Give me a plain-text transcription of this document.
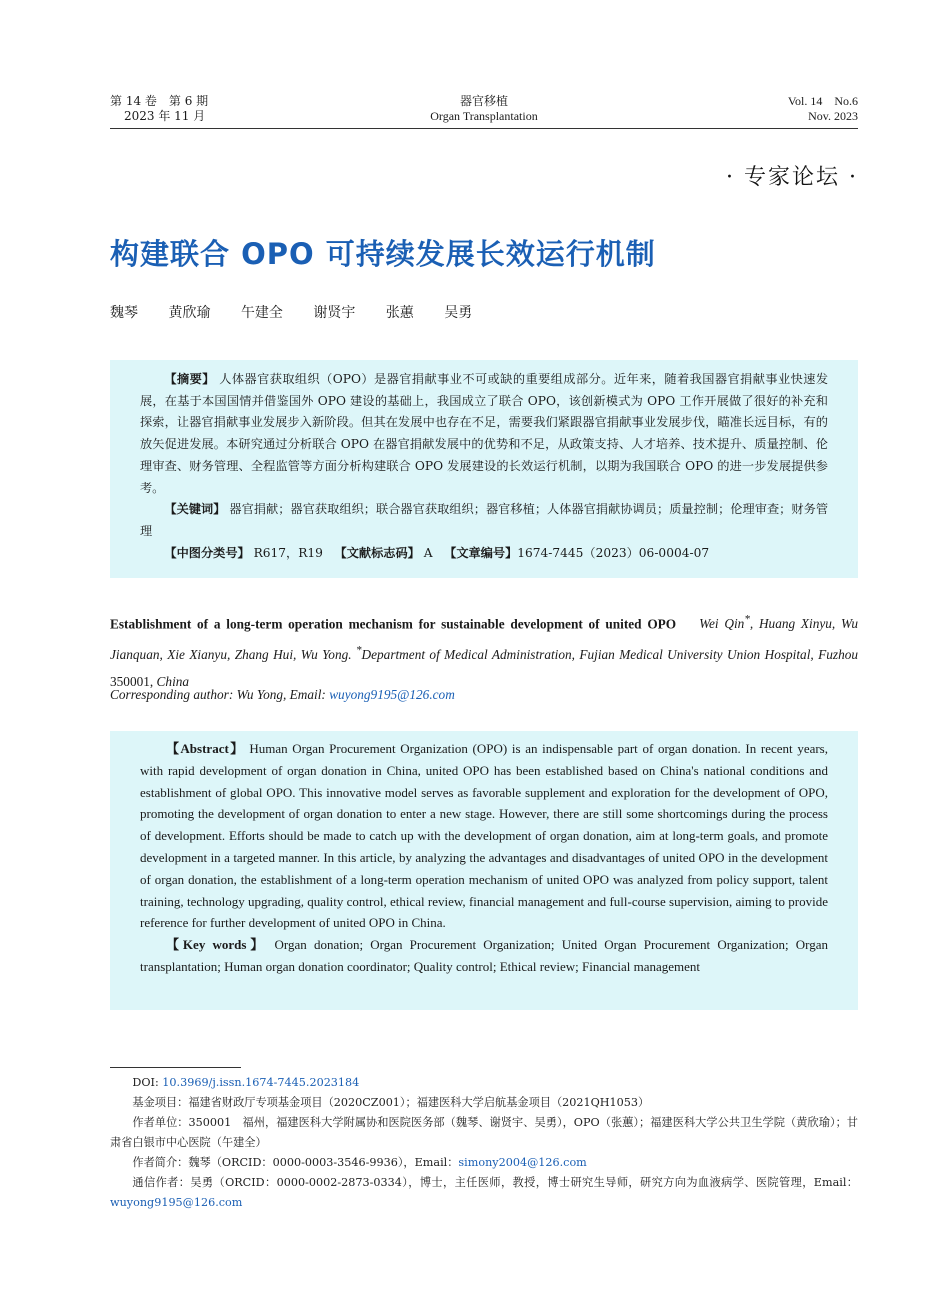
第 14 卷　第 6 期
2023 年 11 月
器官移植
Organ Transplantation
Vol. 14　No.6
Nov. 2023
· 专家论坛 ·
构建联合 OPO 可持续发展长效运行机制
魏琴 黄欣瑜 午建全 谢贤宇 张蕙 吴勇

【摘要】 人体器官获取组织（OPO）是器官捐献事业不可或缺的重要组成部分。近年来，随着我国器官捐献事业快速发展，在基于本国国情并借鉴国外 OPO 建设的基础上，我国成立了联合 OPO，该创新模式为 OPO 工作开展做了很好的补充和探索，让器官捐献事业发展步入新阶段。但其在发展中也存在不足，需要我们紧跟器官捐献事业发展步伐，瞄准长远目标，有的放矢促进发展。本研究通过分析联合 OPO 在器官捐献发展中的优势和不足，从政策支持、人才培养、技术提升、质量控制、伦理审查、财务管理、全程监管等方面分析构建联合 OPO 发展建设的长效运行机制，以期为我国联合 OPO 的进一步发展提供参考。

【关键词】 器官捐献；器官获取组织；联合器官获取组织；器官移植；人体器官捐献协调员；质量控制；伦理审查；财务管理

【中图分类号】 R617，R19 【文献标志码】 A 【文章编号】1674-7445（2023）06-0004-07

Establishment of a long-term operation mechanism for sustainable development of united OPO Wei Qin*, Huang Xinyu, Wu Jianquan, Xie Xianyu, Zhang Hui, Wu Yong. *Department of Medical Administration, Fujian Medical University Union Hospital, Fuzhou 350001, China
Corresponding author: Wu Yong, Email: wuyong9195@126.com

【Abstract】 Human Organ Procurement Organization (OPO) is an indispensable part of organ donation. In recent years, with rapid development of organ donation in China, united OPO has been established based on China's national conditions and establishment of global OPO. This innovative model serves as favorable supplement and exploration for the development of OPO, promoting the development of organ donation to enter a new stage. However, there are still some shortcomings during the process of development. Efforts should be made to catch up with the development of organ donation, aim at long-term goals, and promote development in a targeted manner. In this article, by analyzing the advantages and disadvantages of united OPO in the development of organ donation, the establishment of a long-term operation mechanism of united OPO was analyzed from policy support, talent training, technology upgrading, quality control, ethical review, financial management and full-course supervision, aiming to provide reference for further development of united OPO in China.

【Key words】 Organ donation; Organ Procurement Organization; United Organ Procurement Organization; Organ transplantation; Human organ donation coordinator; Quality control; Ethical review; Financial management

DOI: 10.3969/j.issn.1674-7445.2023184

基金项目：福建省财政厅专项基金项目（2020CZ001）；福建医科大学启航基金项目（2021QH1053）

作者单位：350001　福州，福建医科大学附属协和医院医务部（魏琴、谢贤宇、吴勇），OPO（张蕙）；福建医科大学公共卫生学院（黄欣瑜）；甘肃省白银市中心医院（午建全）

作者简介：魏琴（ORCID：0000-0003-3546-9936），Email：simony2004@126.com

通信作者：吴勇（ORCID：0000-0002-2873-0334），博士，主任医师，教授，博士研究生导师，研究方向为血液病学、医院管理，Email：wuyong9195@126.com
